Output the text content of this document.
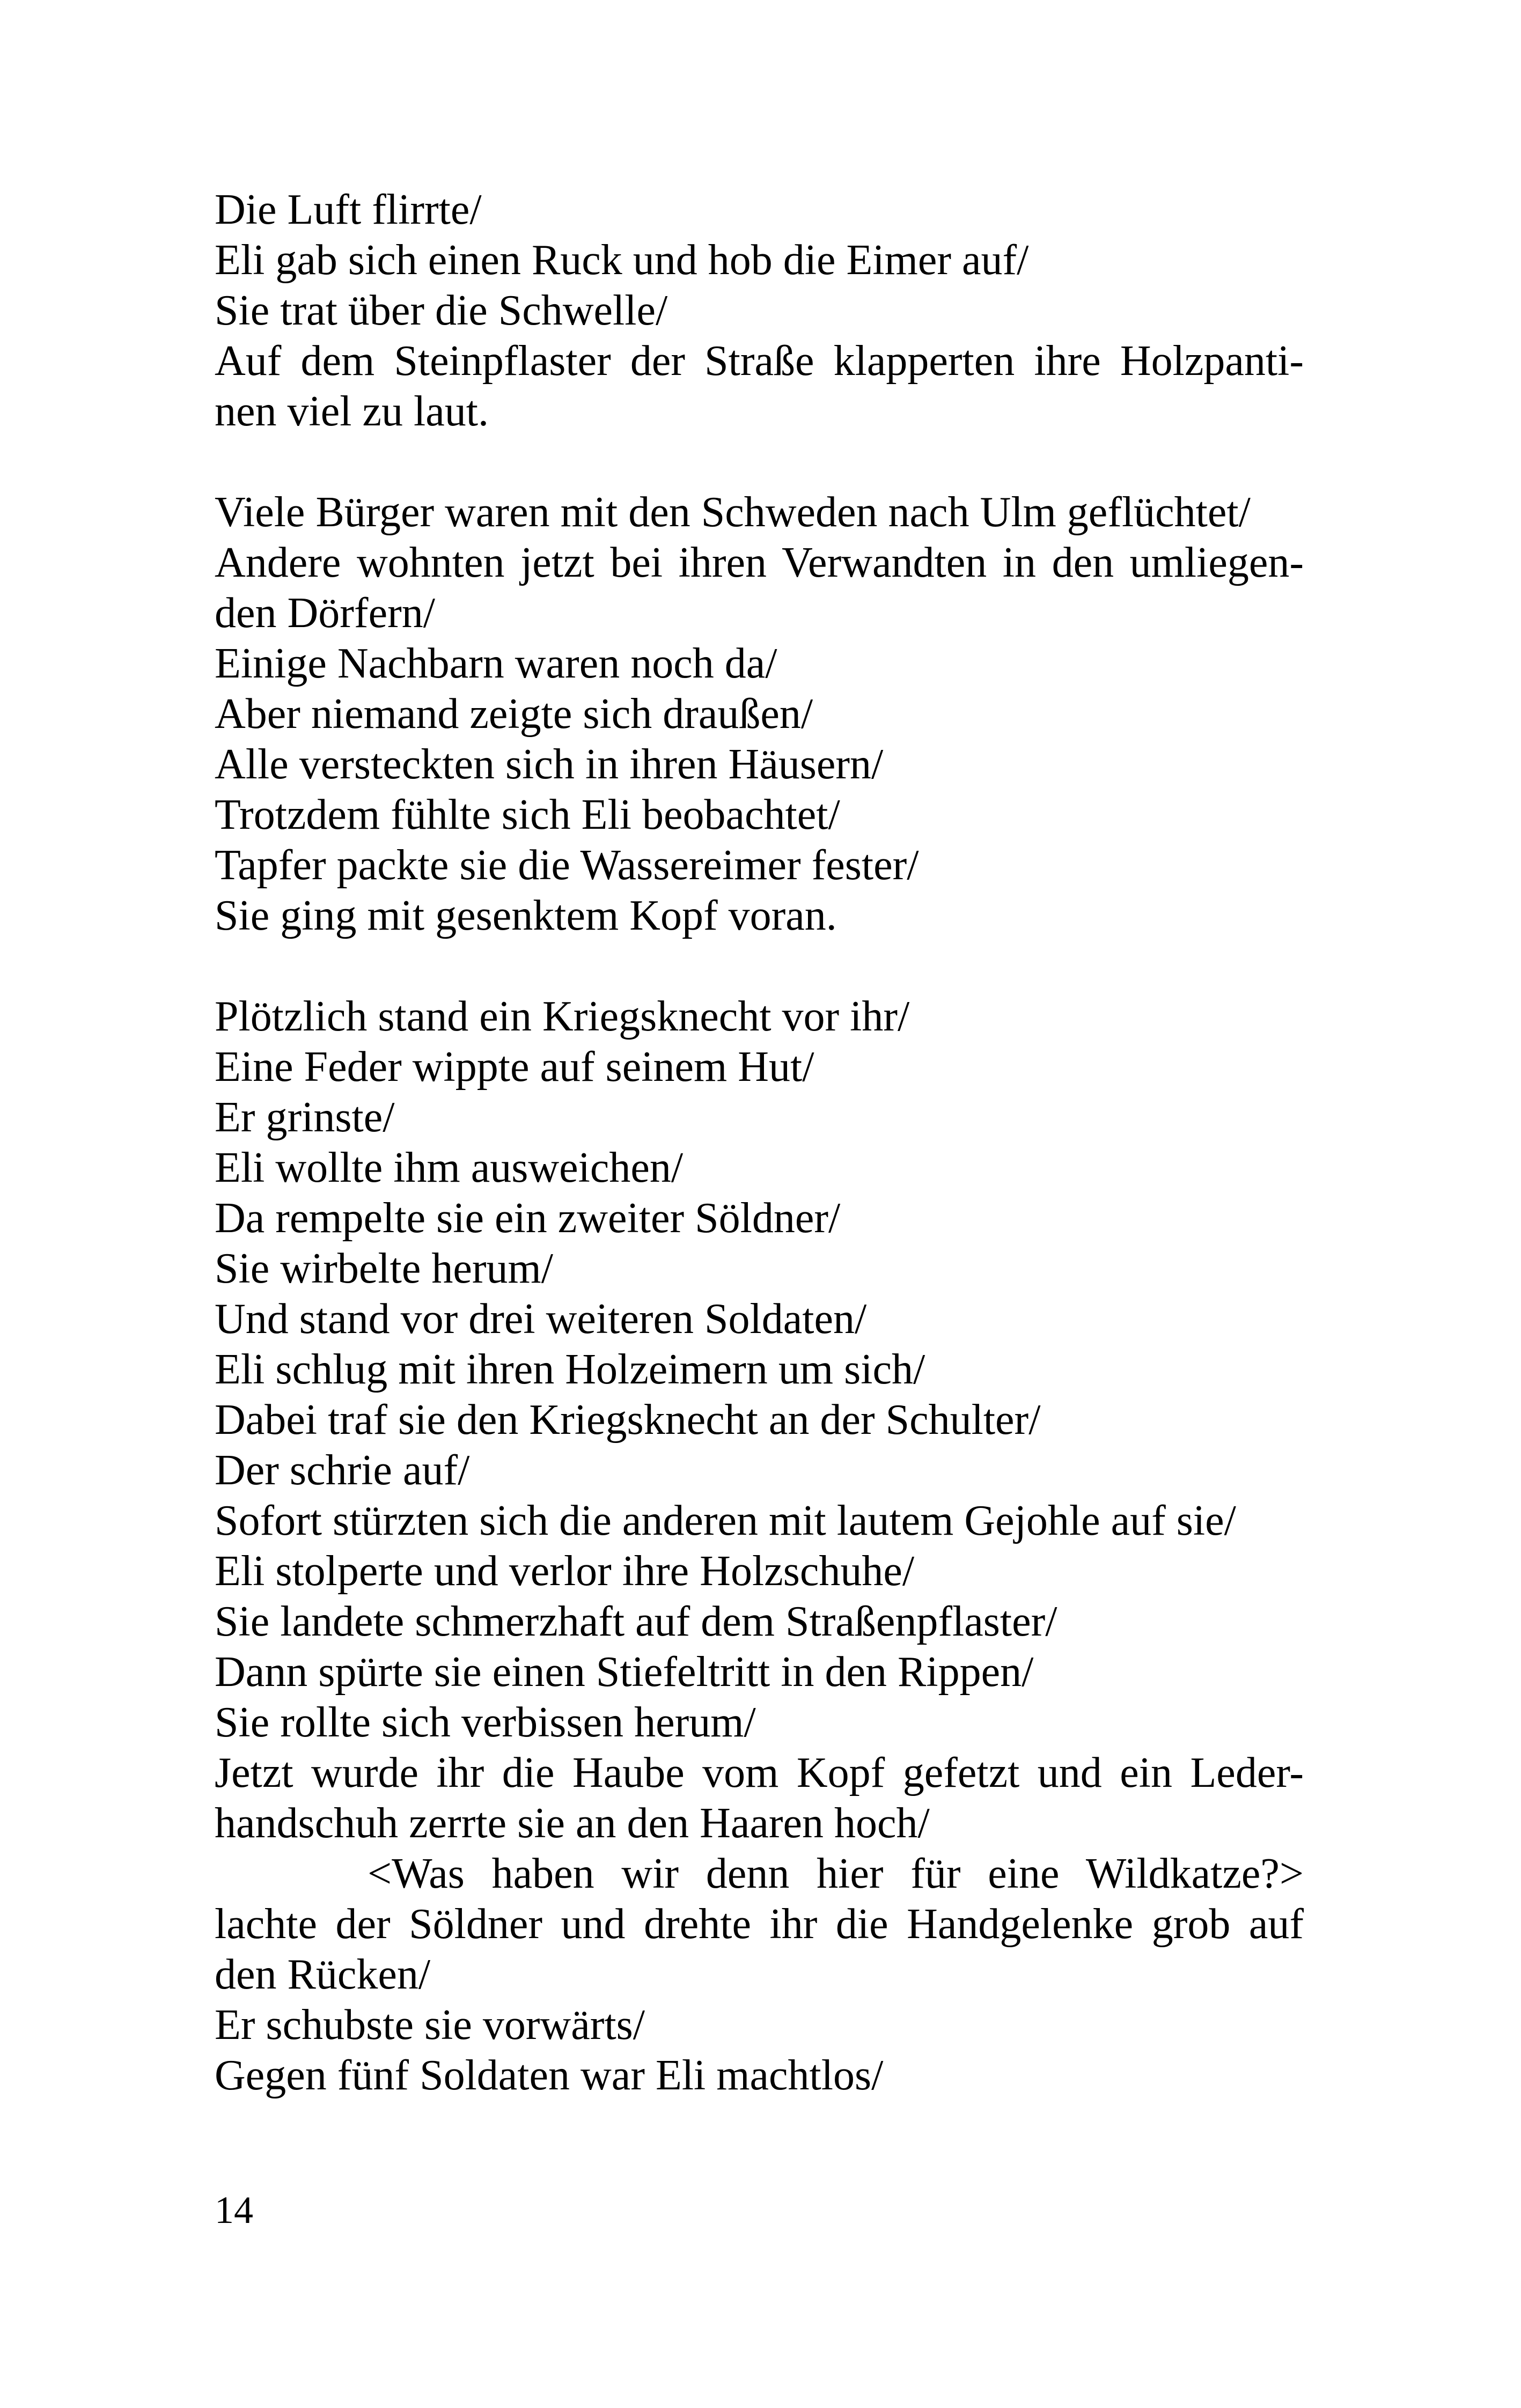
Die Luft flirrte/
Eli gab sich einen Ruck und hob die Eimer auf/
Sie trat über die Schwelle/
Auf dem Steinpflaster der Straße klapperten ihre Holzpanti-
nen viel zu laut.
Viele Bürger waren mit den Schweden nach Ulm geflüchtet/
Andere wohnten jetzt bei ihren Verwandten in den umliegen-
den Dörfern/
Einige Nachbarn waren noch da/
Aber niemand zeigte sich draußen/
Alle versteckten sich in ihren Häusern/
Trotzdem fühlte sich Eli beobachtet/
Tapfer packte sie die Wassereimer fester/
Sie ging mit gesenktem Kopf voran.
Plötzlich stand ein Kriegsknecht vor ihr/
Eine Feder wippte auf seinem Hut/
Er grinste/
Eli wollte ihm ausweichen/
Da rempelte sie ein zweiter Söldner/
Sie wirbelte herum/
Und stand vor drei weiteren Soldaten/
Eli schlug mit ihren Holzeimern um sich/
Dabei traf sie den Kriegsknecht an der Schulter/
Der schrie auf/
Sofort stürzten sich die anderen mit lautem Gejohle auf sie/
Eli stolperte und verlor ihre Holzschuhe/
Sie landete schmerzhaft auf dem Straßenpflaster/
Dann spürte sie einen Stiefeltritt in den Rippen/
Sie rollte sich verbissen herum/
Jetzt wurde ihr die Haube vom Kopf gefetzt und ein Leder-
handschuh zerrte sie an den Haaren hoch/
<Was haben wir denn hier für eine Wildkatze?>
lachte der Söldner und drehte ihr die Handgelenke grob auf
den Rücken/
Er schubste sie vorwärts/
Gegen fünf Soldaten war Eli machtlos/
14
